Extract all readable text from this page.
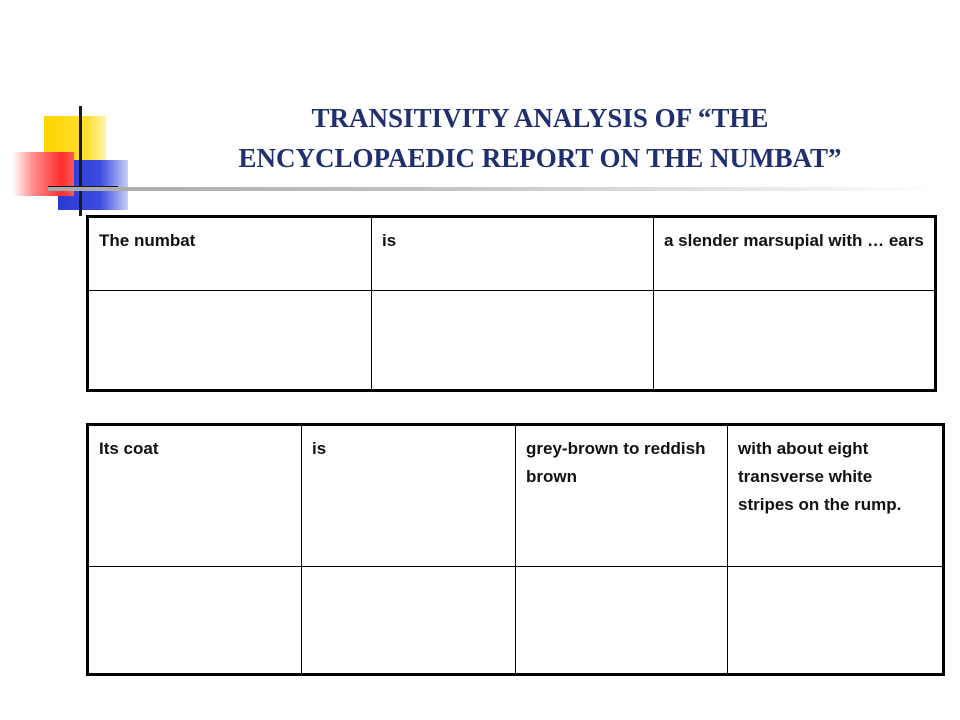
TRANSITIVITY ANALYSIS OF “THE
ENCYCLOPAEDIC REPORT ON THE NUMBAT”
The numbat	is	a slender marsupial with … ears

Its coat	is	grey-brown to reddish brown	with about eight transverse white stripes on the rump.
